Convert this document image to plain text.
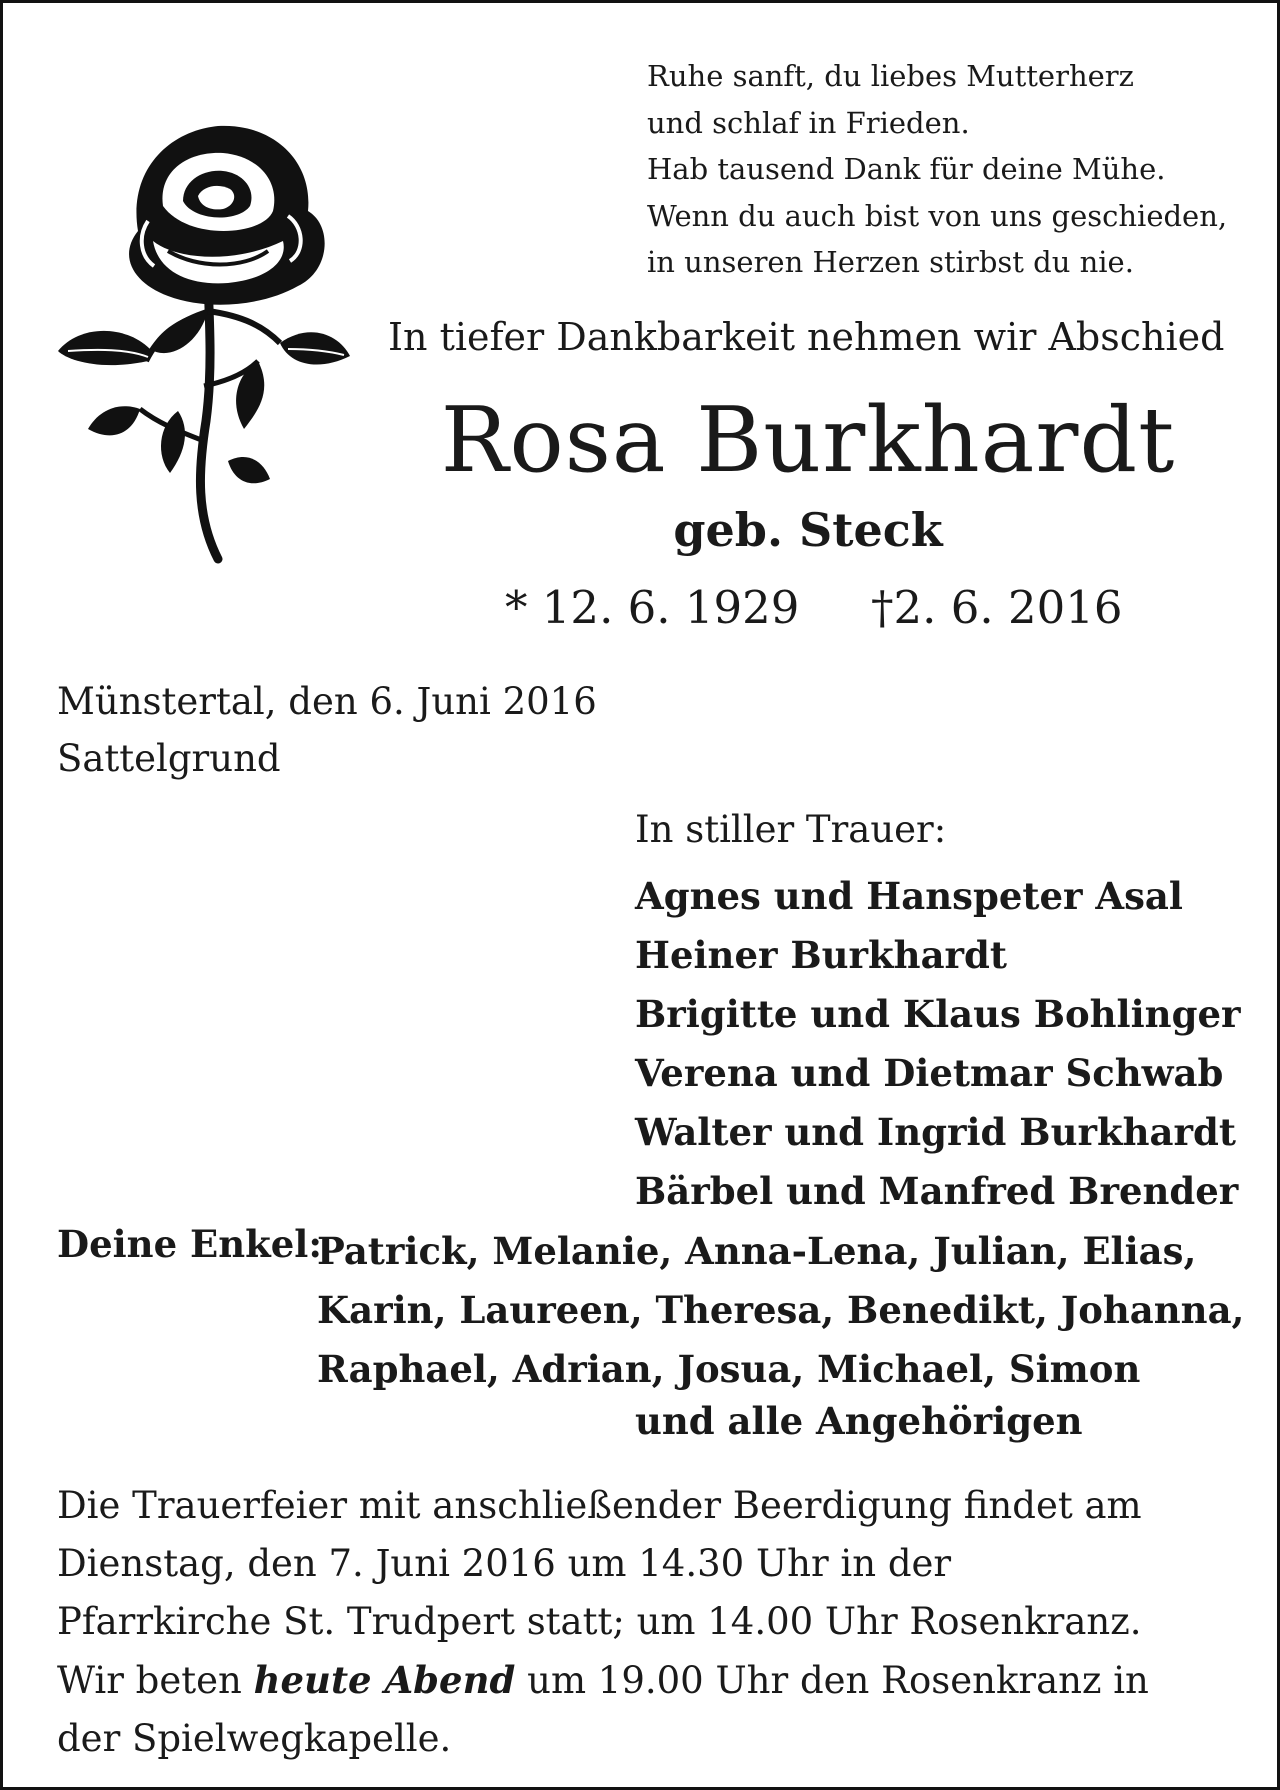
Ruhe sanft, du liebes Mutterherz
und schlaf in Frieden.
Hab tausend Dank für deine Mühe.
Wenn du auch bist von uns geschieden,
in unseren Herzen stirbst du nie.
In tiefer Dankbarkeit nehmen wir Abschied
Rosa Burkhardt
geb. Steck
* 12. 6. 1929 †2. 6. 2016
Münstertal, den 6. Juni 2016
Sattelgrund
In stiller Trauer:
Agnes und Hanspeter Asal
Heiner Burkhardt
Brigitte und Klaus Bohlinger
Verena und Dietmar Schwab
Walter und Ingrid Burkhardt
Bärbel und Manfred Brender
Deine Enkel:
Patrick, Melanie, Anna-Lena, Julian, Elias,
Karin, Laureen, Theresa, Benedikt, Johanna,
Raphael, Adrian, Josua, Michael, Simon
und alle Angehörigen
Die Trauerfeier mit anschließender Beerdigung findet am
Dienstag, den 7. Juni 2016 um 14.30 Uhr in der
Pfarrkirche St. Trudpert statt; um 14.00 Uhr Rosenkranz.
Wir beten heute Abend um 19.00 Uhr den Rosenkranz in
der Spielwegkapelle.
